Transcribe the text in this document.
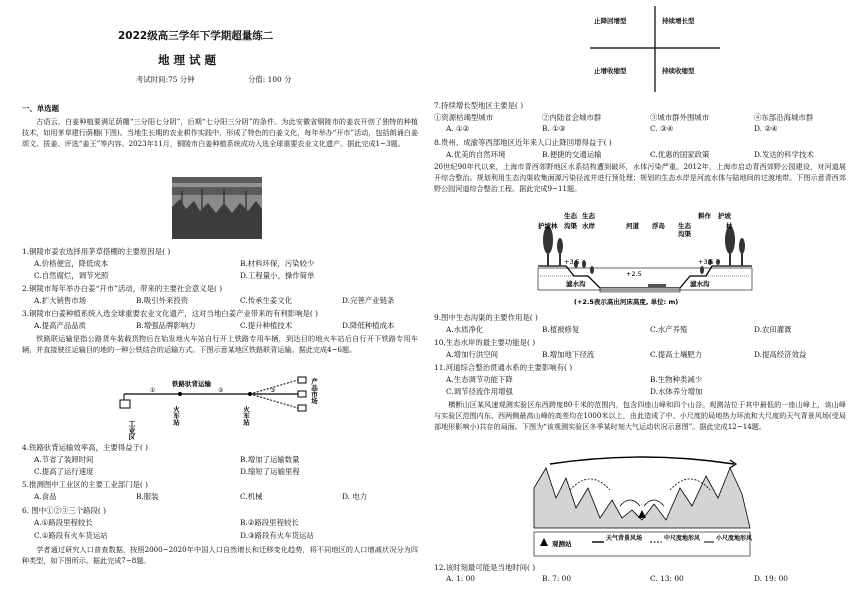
2022级高三学年下学期超量练二
地 理 试 题
考试时间:75 分钟	分值: 100 分
一、单选题
古语云，白姜种植要满足荫棚“三分阳七分阴”，后期“七分阳三分阴”的条件。为此安徽省铜陵市的姜农开创了独特的种植技术，如用茅草建行荫棚(下图)。当地生长期的农业耕作实践中，形成了特色的白姜文化，每年举办“开市”活动，包括朗诵白姜颂文、拔姜、评选“姜王”等内容。2023年11月，铜陵市白姜种植系统成功入选全球重要农业文化遗产。据此完成1~3题。
1.铜陵市姜农选择用茅草搭棚的主要原因是( )
A.价格便宜，降低成本	B.材料环保，污染较少
C.自然腐烂，调节光照	D.工程量小，操作简单
2.铜陵市每年举办白姜“开市”活动，带来的主要社会意义是( )
A.扩大销售市场	B.吸引外来投资	C.传承生姜文化	D.完善产业链条
3.铜陵市白姜种植系统入选全球重要农业文化遗产，这对当地白姜产业带来的有利影响是( )
A.提高产品品质	B.增强品牌影响力	C.提升种植技术	D.降低种植成本
铁路联运输是指公路货车装载货物后在始发地火车站自行开上铁路专用车辆，到达目的地火车站后自行开下铁路专用车辆，并直接驶往运输目的地的一种公铁结合的运输方式。下图示意某地区铁路联背运输。据此完成4~6题。
工业区
铁路驮背运输
①	②
火车站	火车站
③	产品市场
4.铁路驮背运输效率高，主要得益于( )
A.节省了装卸时间	B.增加了运输数量
C.提高了运行速度	D.缩短了运输里程
5.推测图中工业区的主要工业部门是( )
A.食品	B.服装	C.机械	D. 电力
6. 图中①②③三个路段( )
A.①路段里程较长	B.②路段里程较长
C.①路段有火车货运站	D.③路段有火车货运站
学者通过研究人口普查数据，按照2000~2020年中国人口自然增长和迁移变化趋势，将不同地区的人口增减状况分为四种类型，如下图所示。据此完成7~8题。
止降回增型	持续增长型
止增收缩型	持续收缩型
7.持续增长型地区主要是( )
①资源枯竭型城市	②内陆省会城市群	③城市群外围城市	④东部沿海城市群
A. ①②	B. ①③	C. ③④	D. ②④
8.贵州、成渝等西部地区近年来人口止降回增得益于( )
A.优美的自然环境	B.便捷的交通运输	C.优惠的国家政策	D.发达的科学技术
20世纪90年代以来，上海市青西郊野地区水系结构遭到破坏，水体污染严重。2012年，上海市启动青西郊野公园建设，对河道展开综合整治。规划利用生态沟渠收集面源污染径流并进行预处理；规划的生态水岸是河流水体与陆地间的过渡地带。下图示意青西郊野公园河道综合整治工程。据此完成9~11题。
生态 生态
护坡林 沟渠 水岸	河道 浮岛 生态
耕作 护坡
沟渠
林
+3.5
+2.5
+3.5
滤水沟	滤水沟
(+2.5表示高出河床高度, 单位: m)
9.图中生态沟渠的主要作用是( )
A.水质净化	B.植被修复	C.水产养殖	D.农田灌溉
10.生态水岸的最主要功能是( )
A.增加行洪空间	B.增加地下径流	C.提高土壤肥力	D.提高经济效益
11.河道综合整治贯通水系的主要影响有( )
A.生态调节功能下降	B.生物种类减少
C.调节径流作用增强	D.水体养分增加
横断山区某风速观测实验区东西跨度80千米的范围内，包含四座山峰和四个山谷。观测站位于其中最低的一座山峰上，该山峰与实验区范围内东、西两侧最高山峰的高差均在1000米以上，由此造成了中、小尺度的局地热力环流和大尺度的天气背景风场(受局部地形影响小)共存的局面。下图为“该观测实验区冬季某时刻大气运动状况示意图”。据此完成12~14题。
观测站
天气背景风场	中尺度地形风	小尺度地形风
12.该时刻最可能是当地时间( )
A. 1: 00	B. 7: 00	C. 13: 00	D. 19: 00
